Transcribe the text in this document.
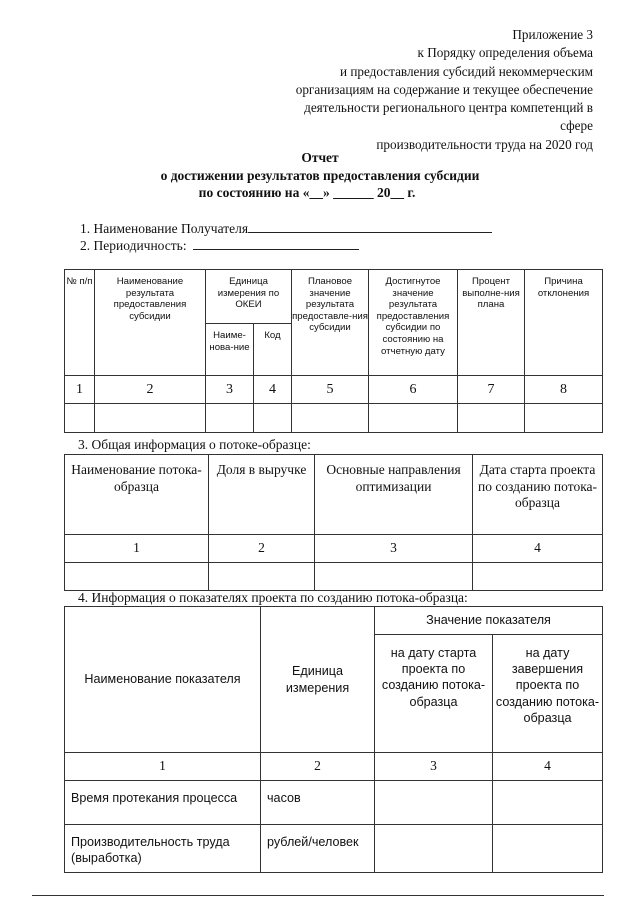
Приложение 3
к Порядку определения объема
и предоставления субсидий некоммерческим
организациям на содержание и текущее обеспечение
деятельности регионального центра компетенций в сфере
производительности труда на 2020 год
Отчет
о достижении результатов предоставления субсидии
по состоянию на «__» ______ 20__ г.
1. Наименование Получателя
2. Периодичность:
№ п/п	Наименование результата предоставления субсидии	Единица измерения по ОКЕИ		Плановое значение результата предоставле-ния субсидии	Достигнутое значение результата предоставления субсидии по состоянию на отчетную дату	Процент выполне-ния плана	Причина отклонения
		Наиме-нова-ние	Код				
1	2	3	4	5	6	7	8

3. Общая информация о потоке-образце:
Наименование потока-образца	Доля в выручке	Основные направления оптимизации	Дата старта проекта по созданию потока-образца
1	2	3	4

4. Информация о показателях проекта по созданию потока-образца:
Наименование показателя	Единица измерения	Значение показателя	
		на дату старта проекта по созданию потока-образца	на дату завершения проекта по созданию потока-образца
1	2	3	4
Время протекания процесса	часов		
Производительность труда (выработка)	рублей/человек		
